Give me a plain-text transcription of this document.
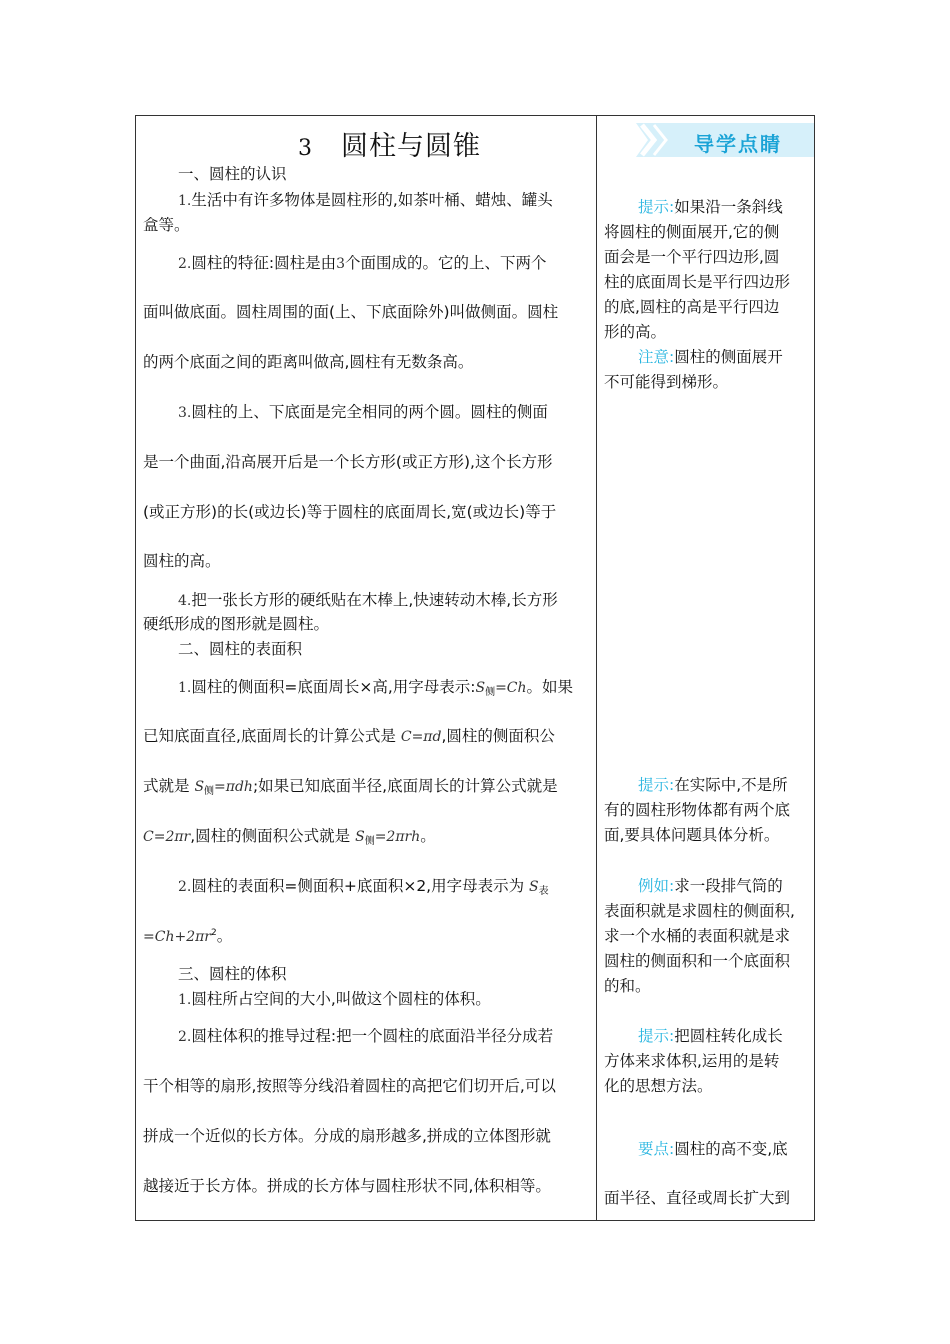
3 圆柱与圆锥	导学点睛
一、圆柱的认识
1.生活中有许多物体是圆柱形的,如茶叶桶、蜡烛、罐头
盒等。
2.圆柱的特征:圆柱是由3个面围成的。它的上、下两个
面叫做底面。圆柱周围的面(上、下底面除外)叫做侧面。圆柱
的两个底面之间的距离叫做高,圆柱有无数条高。
3.圆柱的上、下底面是完全相同的两个圆。圆柱的侧面
是一个曲面,沿高展开后是一个长方形(或正方形),这个长方形
(或正方形)的长(或边长)等于圆柱的底面周长,宽(或边长)等于
圆柱的高。
4.把一张长方形的硬纸贴在木棒上,快速转动木棒,长方形
硬纸形成的图形就是圆柱。
二、圆柱的表面积
1.圆柱的侧面积=底面周长×高,用字母表示$:S_侧=Ch$。如果
已知底面直径,底面周长的计算公式是 C=πd,圆柱的侧面积公
式就是 $S_侧=\pi dh$;如果已知底面半径,底面周长的计算公式就是
C=2πr,圆柱的侧面积公式就是 $S_侧=2\pi rh$。
2.圆柱的表面积=侧面积+底面积×2,用字母表示为 $S_表$
$=Ch+2\pi r^2$。
三、圆柱的体积
1.圆柱所占空间的大小,叫做这个圆柱的体积。
2.圆柱体积的推导过程:把一个圆柱的底面沿半径分成若
干个相等的扇形,按照等分线沿着圆柱的高把它们切开后,可以
拼成一个近似的长方体。分成的扇形越多,拼成的立体图形就
越接近于长方体。拼成的长方体与圆柱形状不同,体积相等。
提示:如果沿一条斜线
将圆柱的侧面展开,它的侧
面会是一个平行四边形,圆
柱的底面周长是平行四边形
的底,圆柱的高是平行四边
形的高。
注意:圆柱的侧面展开
不可能得到梯形。
提示:在实际中,不是所
有的圆柱形物体都有两个底
面,要具体问题具体分析。
例如:求一段排气筒的
表面积就是求圆柱的侧面积,
求一个水桶的表面积就是求
圆柱的侧面积和一个底面积
的和。
提示:把圆柱转化成长
方体来求体积,运用的是转
化的思想方法。
要点:圆柱的高不变,底
面半径、直径或周长扩大到
